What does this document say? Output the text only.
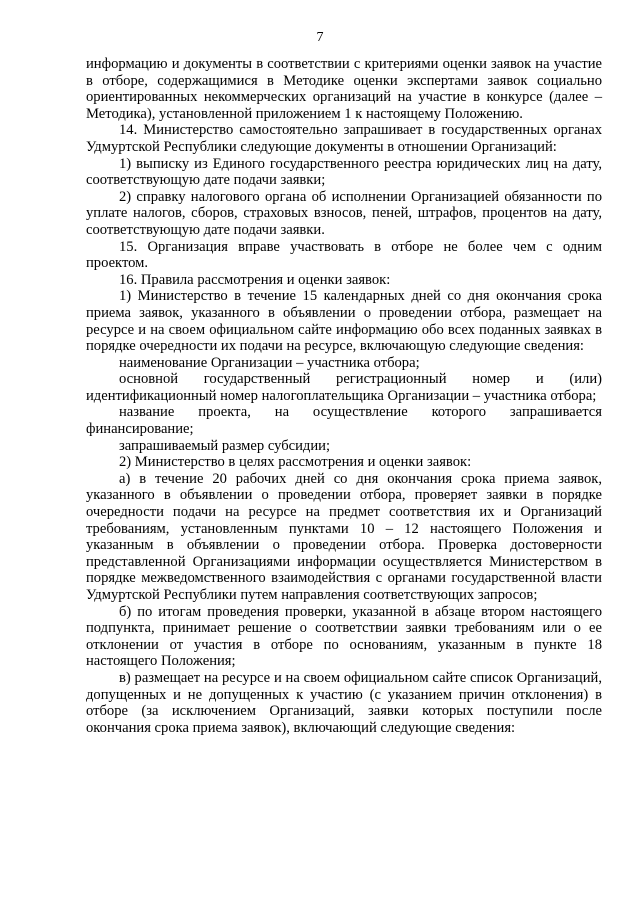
7

информацию и документы в соответствии с критериями оценки заявок на участие в отборе, содержащимися в Методике оценки экспертами заявок социально ориентированных некоммерческих организаций на участие в конкурсе (далее – Методика), установленной приложением 1 к настоящему Положению.

14. Министерство самостоятельно запрашивает в государственных органах Удмуртской Республики следующие документы в отношении Организаций:

1) выписку из Единого государственного реестра юридических лиц на дату, соответствующую дате подачи заявки;

2) справку налогового органа об исполнении Организацией обязанности по уплате налогов, сборов, страховых взносов, пеней, штрафов, процентов на дату, соответствующую дате подачи заявки.

15. Организация вправе участвовать в отборе не более чем с одним проектом.

16. Правила рассмотрения и оценки заявок:

1) Министерство в течение 15 календарных дней со дня окончания срока приема заявок, указанного в объявлении о проведении отбора, размещает на ресурсе и на своем официальном сайте информацию обо всех поданных заявках в порядке очередности их подачи на ресурсе, включающую следующие сведения:

наименование Организации – участника отбора;

основной государственный регистрационный номер и (или) идентификационный номер налогоплательщика Организации – участника отбора;

название проекта, на осуществление которого запрашивается финансирование;

запрашиваемый размер субсидии;

2) Министерство в целях рассмотрения и оценки заявок:

а) в течение 20 рабочих дней со дня окончания срока приема заявок, указанного в объявлении о проведении отбора, проверяет заявки в порядке очередности подачи на ресурсе на предмет соответствия их и Организаций требованиям, установленным пунктами 10 – 12 настоящего Положения и указанным в объявлении о проведении отбора. Проверка достоверности представленной Организациями информации осуществляется Министерством в порядке межведомственного взаимодействия с органами государственной власти Удмуртской Республики путем направления соответствующих запросов;

б) по итогам проведения проверки, указанной в абзаце втором настоящего подпункта, принимает решение о соответствии заявки требованиям или о ее отклонении от участия в отборе по основаниям, указанным в пункте 18 настоящего Положения;

в) размещает на ресурсе и на своем официальном сайте список Организаций, допущенных и не допущенных к участию (с указанием причин отклонения) в отборе (за исключением Организаций, заявки которых поступили после окончания срока приема заявок), включающий следующие сведения:
